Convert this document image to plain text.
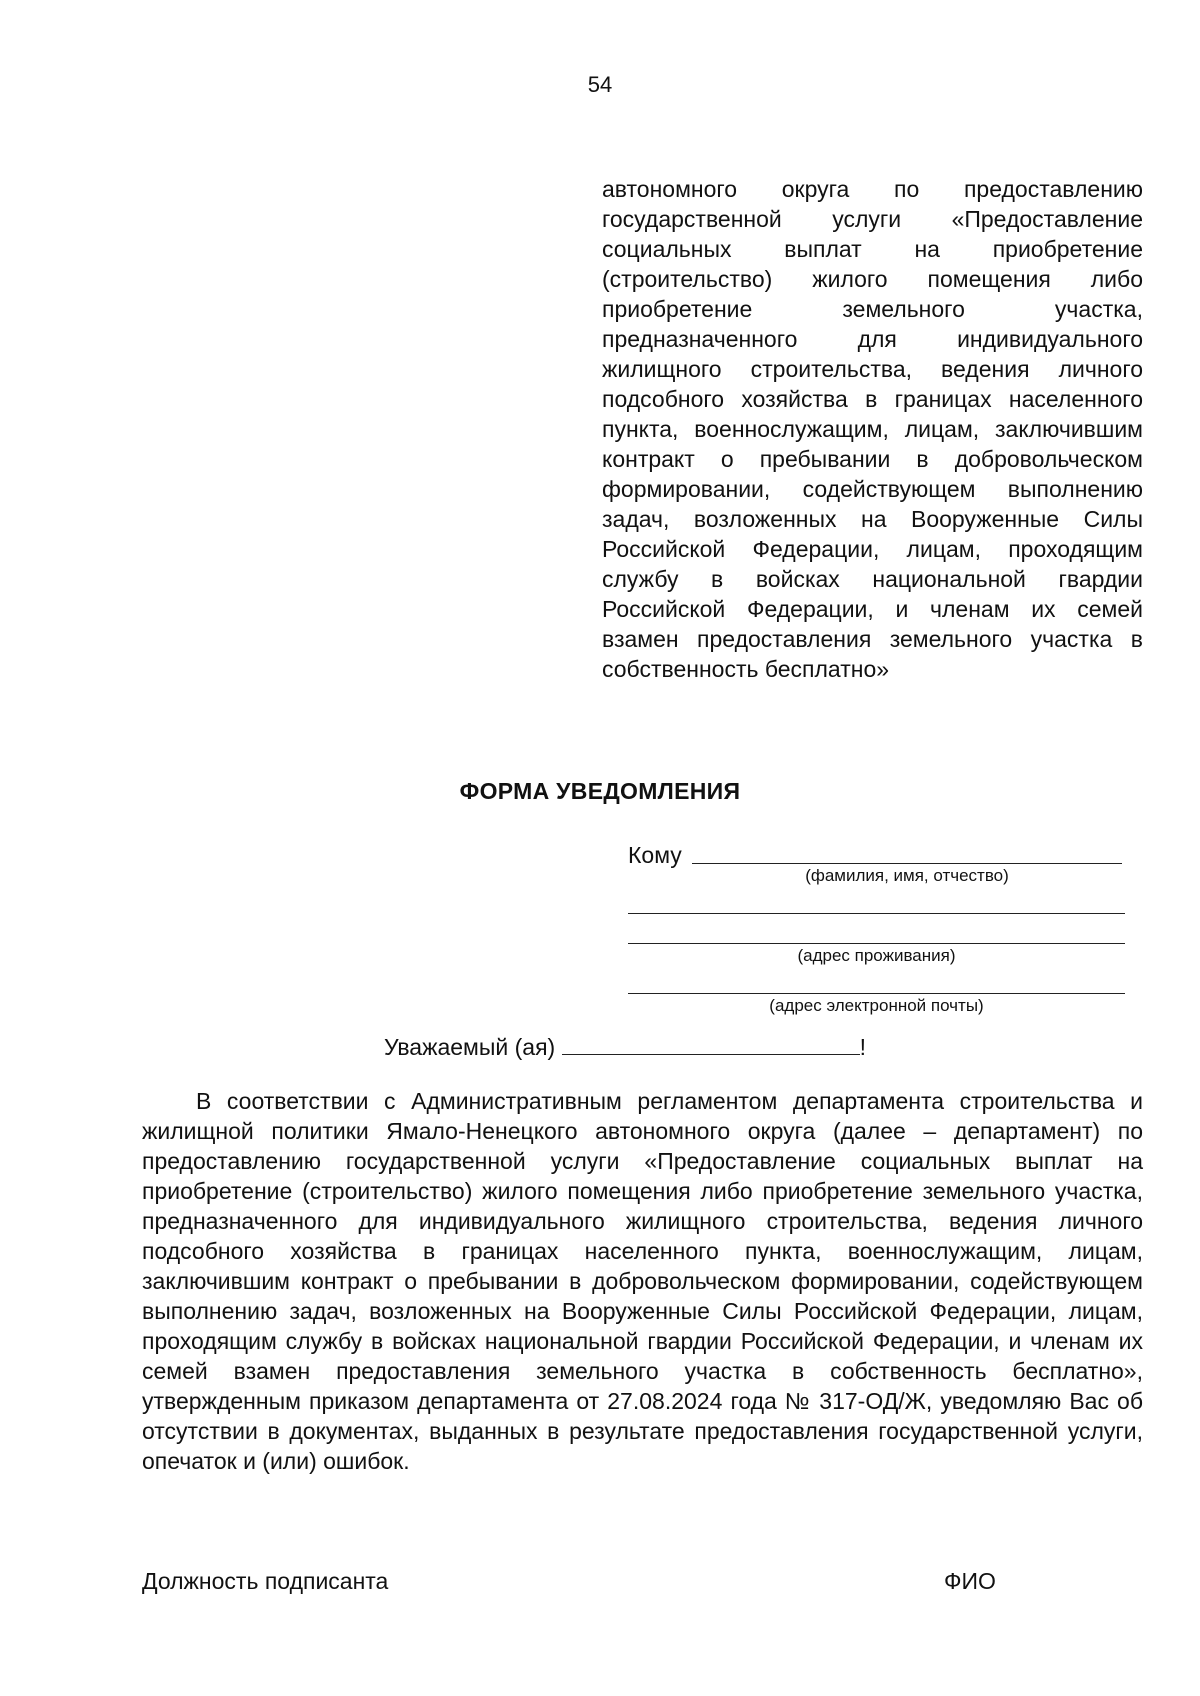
54
автономного округа по предоставлению государственной услуги «Предоставление социальных выплат на приобретение (строительство) жилого помещения либо приобретение земельного участка, предназначенного для индивидуального жилищного строительства, ведения личного подсобного хозяйства в границах населенного пункта, военнослужащим, лицам, заключившим контракт о пребывании в добровольческом формировании, содействующем выполнению задач, возложенных на Вооруженные Силы Российской Федерации, лицам, проходящим службу в войсках национальной гвардии Российской Федерации, и членам их семей взамен предоставления земельного участка в собственность бесплатно»
ФОРМА УВЕДОМЛЕНИЯ
Кому
(фамилия, имя, отчество)
(адрес проживания)
(адрес электронной почты)
Уважаемый (ая)	!
В соответствии с Административным регламентом департамента строительства и жилищной политики Ямало-Ненецкого автономного округа (далее – департамент) по предоставлению государственной услуги «Предоставление социальных выплат на приобретение (строительство) жилого помещения либо приобретение земельного участка, предназначенного для индивидуального жилищного строительства, ведения личного подсобного хозяйства в границах населенного пункта, военнослужащим, лицам, заключившим контракт о пребывании в добровольческом формировании, содействующем выполнению задач, возложенных на Вооруженные Силы Российской Федерации, лицам, проходящим службу в войсках национальной гвардии Российской Федерации, и членам их семей взамен предоставления земельного участка в собственность бесплатно», утвержденным приказом департамента от 27.08.2024 года № 317-ОД/Ж, уведомляю Вас об отсутствии в документах, выданных в результате предоставления государственной услуги, опечаток и (или) ошибок.
Должность подписанта	ФИО
